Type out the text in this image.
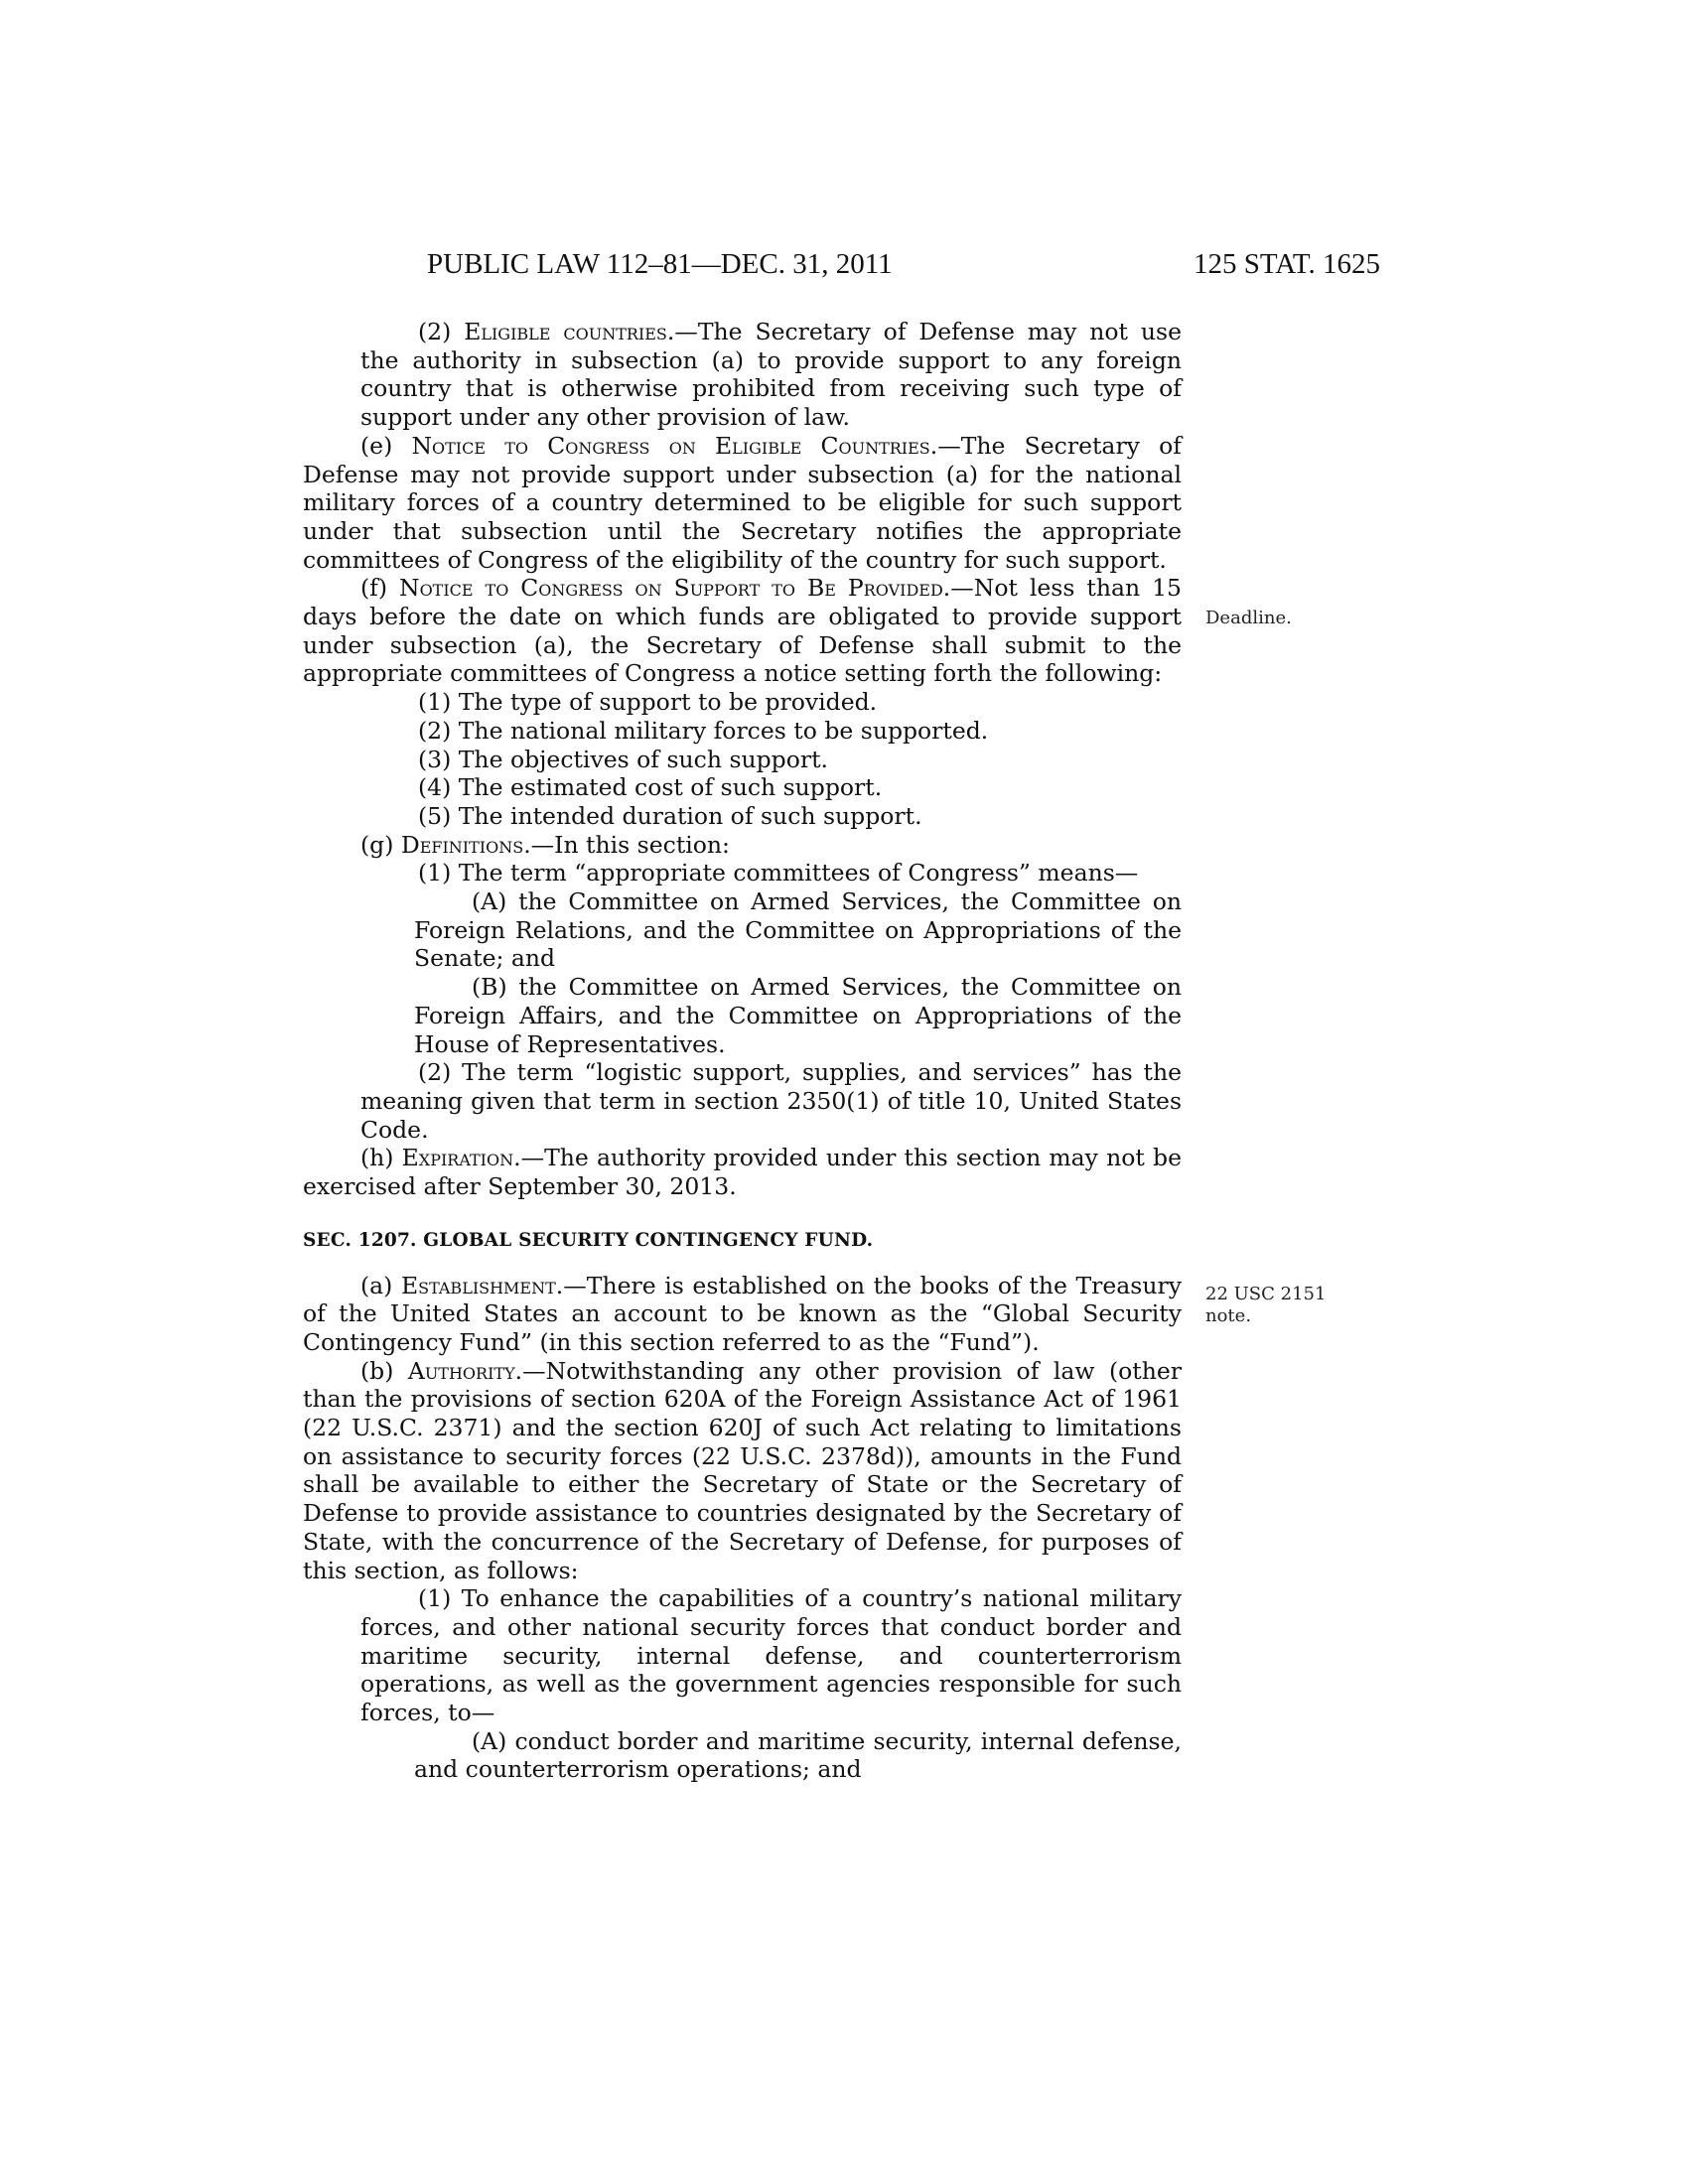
PUBLIC LAW 112–81—DEC. 31, 2011	125 STAT. 1625
Deadline.
22 USC 2151
note.

(2) Eligible countries.—The Secretary of Defense may not use the authority in subsection (a) to provide support to any foreign country that is otherwise prohibited from receiving such type of support under any other provision of law.

(e) Notice to Congress on Eligible Countries.—The Secretary of Defense may not provide support under subsection (a) for the national military forces of a country determined to be eligible for such support under that subsection until the Secretary notifies the appropriate committees of Congress of the eligibility of the country for such support.

(f) Notice to Congress on Support to Be Provided.—Not less than 15 days before the date on which funds are obligated to provide support under subsection (a), the Secretary of Defense shall submit to the appropriate committees of Congress a notice setting forth the following:

(1) The type of support to be provided.

(2) The national military forces to be supported.

(3) The objectives of such support.

(4) The estimated cost of such support.

(5) The intended duration of such support.

(g) Definitions.—In this section:

(1) The term “appropriate committees of Congress” means—

(A) the Committee on Armed Services, the Committee on Foreign Relations, and the Committee on Appropriations of the Senate; and

(B) the Committee on Armed Services, the Committee on Foreign Affairs, and the Committee on Appropriations of the House of Representatives.

(2) The term “logistic support, supplies, and services” has the meaning given that term in section 2350(1) of title 10, United States Code.

(h) Expiration.—The authority provided under this section may not be exercised after September 30, 2013.

SEC. 1207. GLOBAL SECURITY CONTINGENCY FUND.

(a) Establishment.—There is established on the books of the Treasury of the United States an account to be known as the “Global Security Contingency Fund” (in this section referred to as the “Fund”).

(b) Authority.—Notwithstanding any other provision of law (other than the provisions of section 620A of the Foreign Assistance Act of 1961 (22 U.S.C. 2371) and the section 620J of such Act relating to limitations on assistance to security forces (22 U.S.C. 2378d)), amounts in the Fund shall be available to either the Secretary of State or the Secretary of Defense to provide assistance to countries designated by the Secretary of State, with the concurrence of the Secretary of Defense, for purposes of this section, as follows:

(1) To enhance the capabilities of a country’s national military forces, and other national security forces that conduct border and maritime security, internal defense, and counterterrorism operations, as well as the government agencies responsible for such forces, to—

(A) conduct border and maritime security, internal defense, and counterterrorism operations; and
